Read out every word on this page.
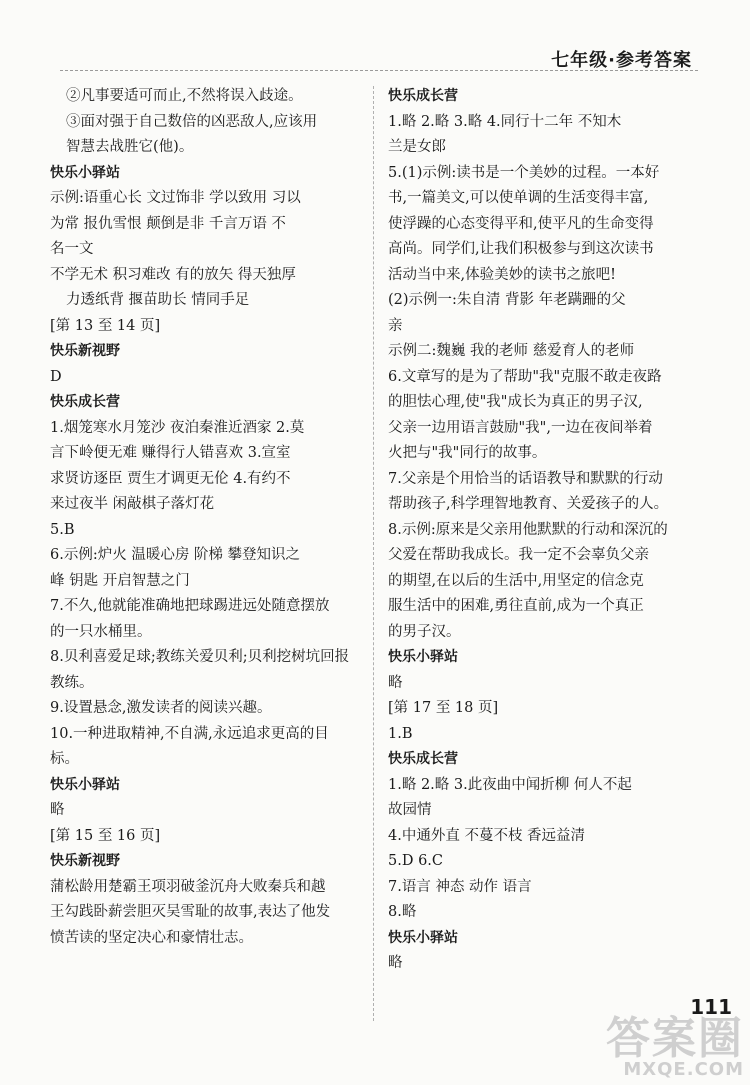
七年级·参考答案
②凡事要适可而止,不然将误入歧途。
③面对强于自己数倍的凶恶敌人,应该用
智慧去战胜它(他)。
快乐小驿站
示例:语重心长 文过饰非 学以致用 习以
为常 报仇雪恨 颠倒是非 千言万语 不
名一文
不学无术 积习难改 有的放矢 得天独厚
力透纸背 揠苗助长 情同手足
[第 13 至 14 页]
快乐新视野
D
快乐成长营
1.烟笼寒水月笼沙 夜泊秦淮近酒家 2.莫
言下岭便无难 赚得行人错喜欢 3.宣室
求贤访逐臣 贾生才调更无伦 4.有约不
来过夜半 闲敲棋子落灯花
5.B
6.示例:炉火 温暖心房 阶梯 攀登知识之
峰 钥匙 开启智慧之门
7.不久,他就能准确地把球踢进远处随意摆放
的一只水桶里。
8.贝利喜爱足球;教练关爱贝利;贝利挖树坑回报
教练。
9.设置悬念,激发读者的阅读兴趣。
10.一种进取精神,不自满,永远追求更高的目
标。
快乐小驿站
略
[第 15 至 16 页]
快乐新视野
蒲松龄用楚霸王项羽破釜沉舟大败秦兵和越
王勾践卧薪尝胆灭吴雪耻的故事,表达了他发
愤苦读的坚定决心和豪情壮志。
快乐成长营
1.略 2.略 3.略 4.同行十二年 不知木
兰是女郎
5.(1)示例:读书是一个美妙的过程。一本好
书,一篇美文,可以使单调的生活变得丰富,
使浮躁的心态变得平和,使平凡的生命变得
高尚。同学们,让我们积极参与到这次读书
活动当中来,体验美妙的读书之旅吧!
(2)示例一:朱自清 背影 年老蹒跚的父
亲
示例二:魏巍 我的老师 慈爱育人的老师
6.文章写的是为了帮助"我"克服不敢走夜路
的胆怯心理,使"我"成长为真正的男子汉,
父亲一边用语言鼓励"我",一边在夜间举着
火把与"我"同行的故事。
7.父亲是个用恰当的话语教导和默默的行动
帮助孩子,科学理智地教育、关爱孩子的人。
8.示例:原来是父亲用他默默的行动和深沉的
父爱在帮助我成长。我一定不会辜负父亲
的期望,在以后的生活中,用坚定的信念克
服生活中的困难,勇往直前,成为一个真正
的男子汉。
快乐小驿站
略
[第 17 至 18 页]
1.B
快乐成长营
1.略 2.略 3.此夜曲中闻折柳 何人不起
故园情
4.中通外直 不蔓不枝 香远益清
5.D 6.C
7.语言 神态 动作 语言
8.略
快乐小驿站
略
111
答案圈
MXQE.COM
